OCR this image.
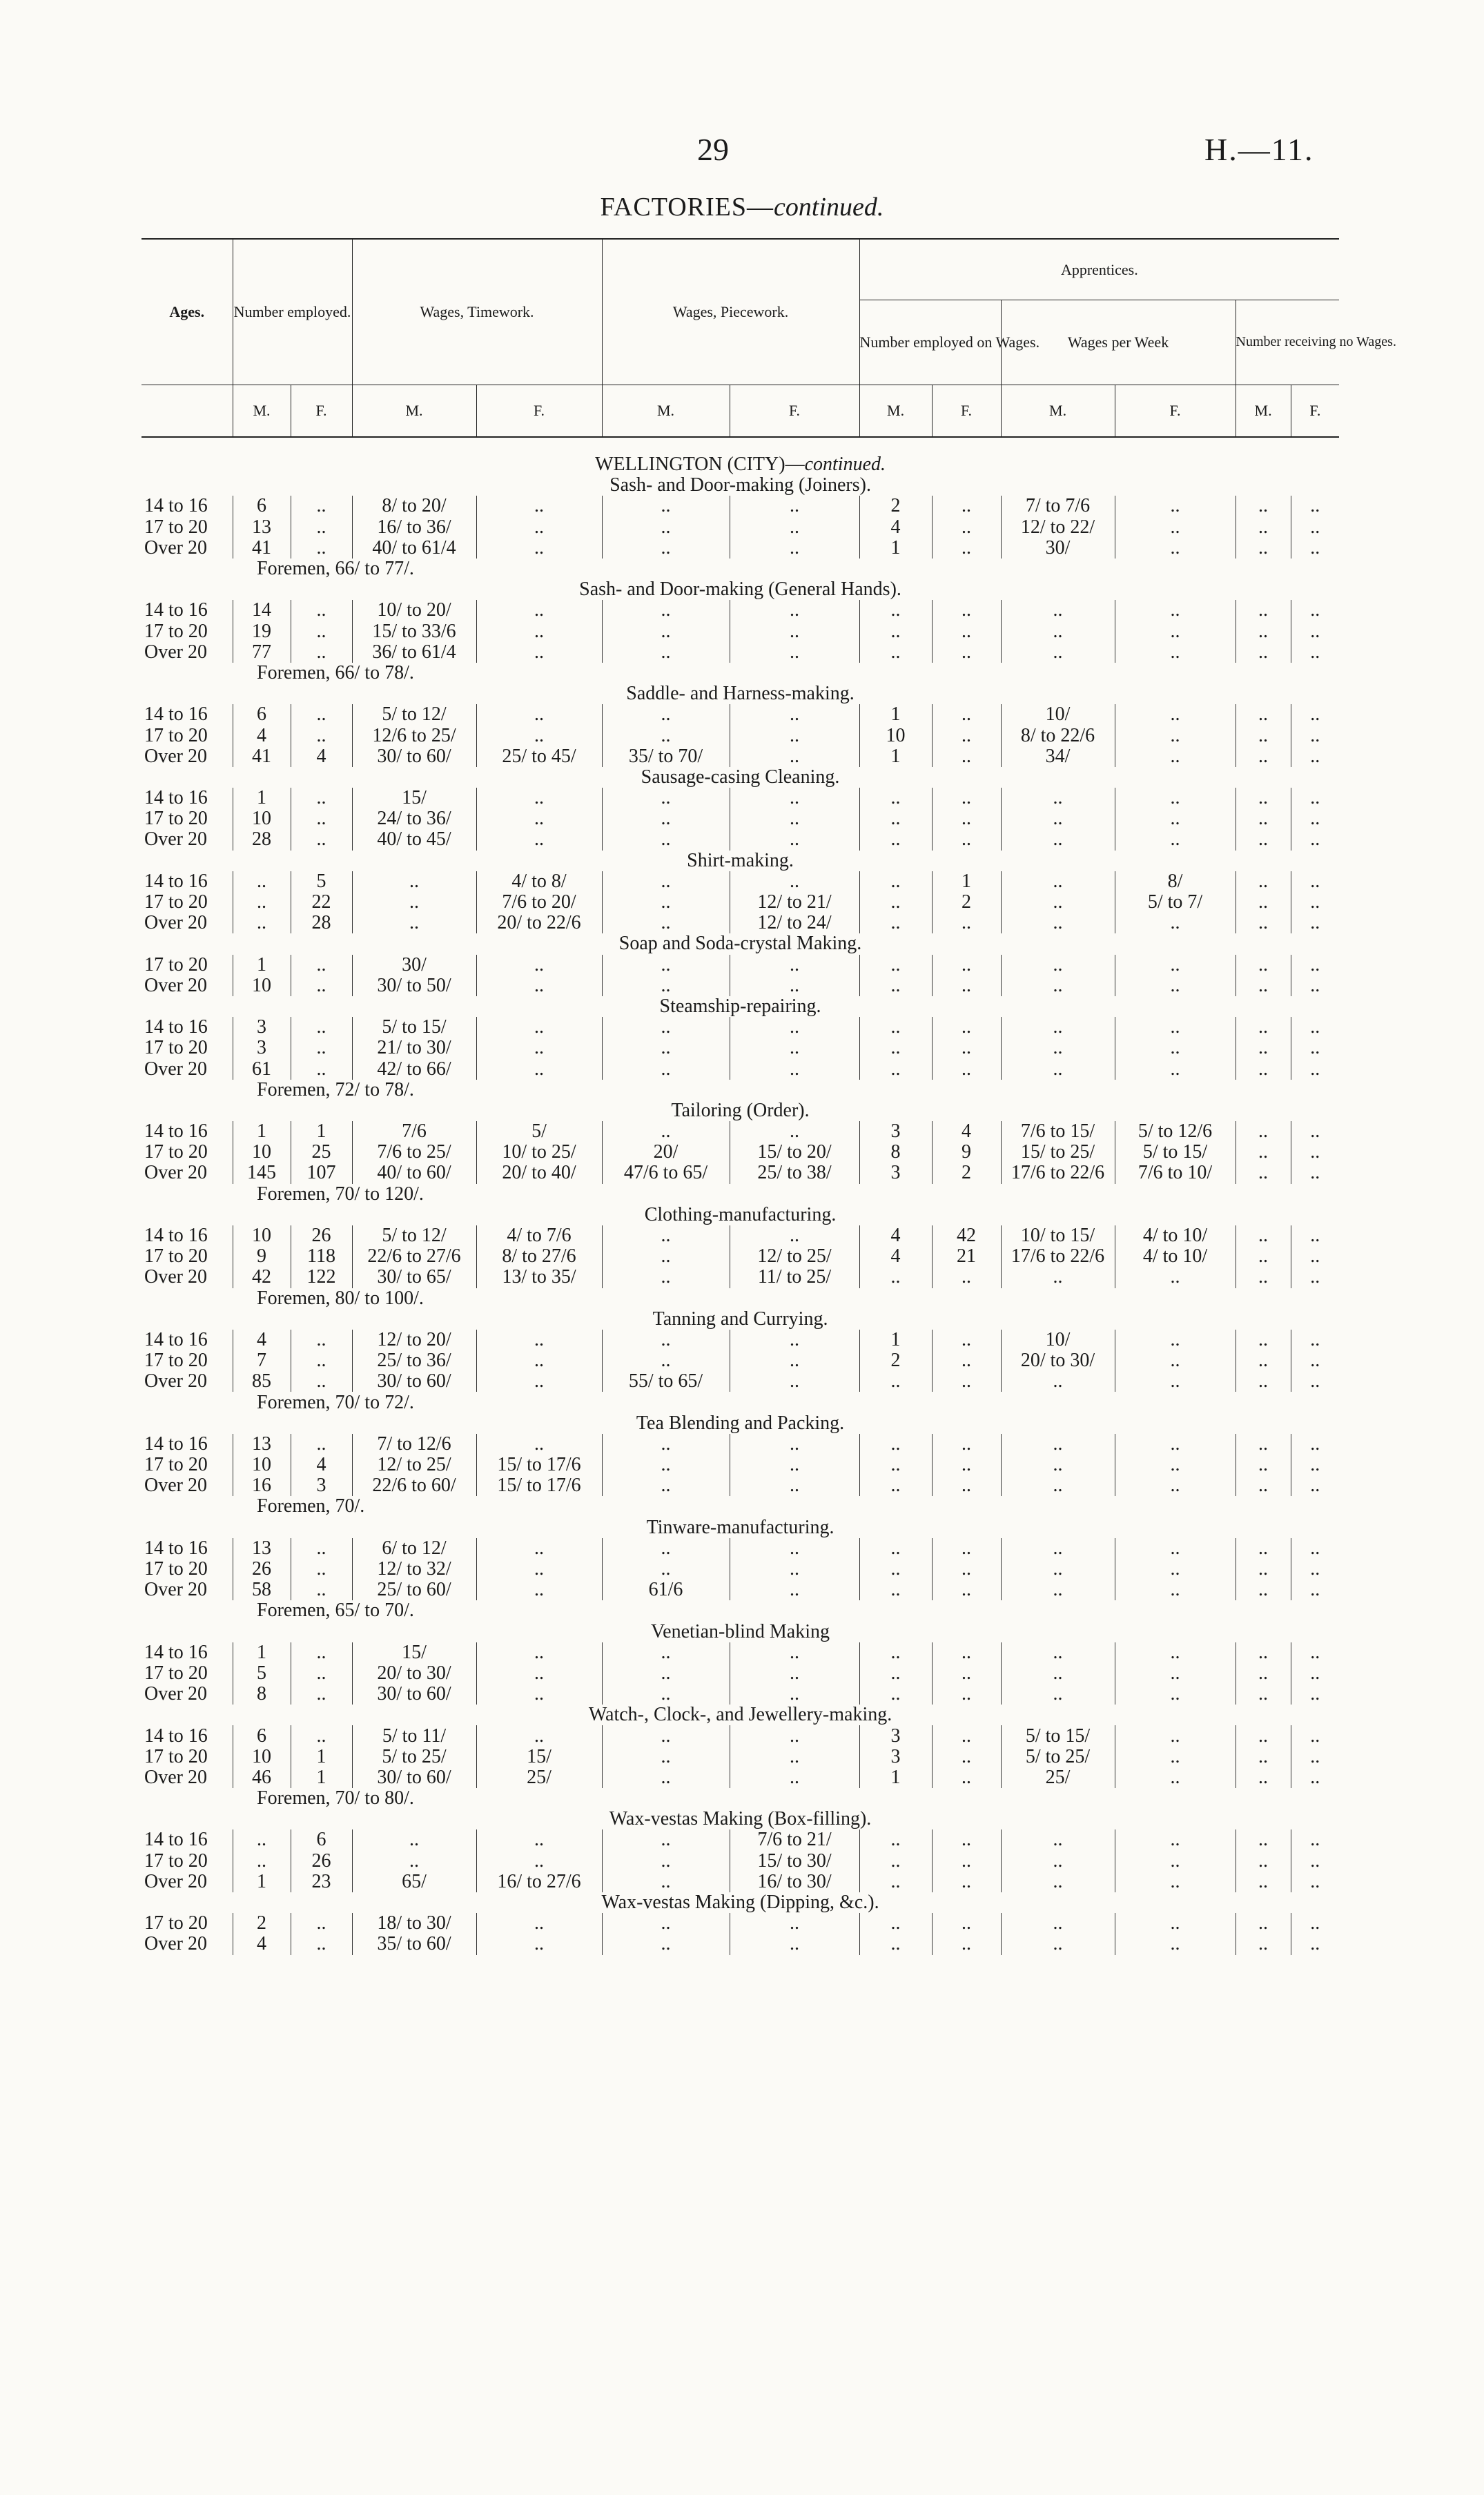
29	H.—11.
FACTORIES—continued.
Ages.	Number employed.		Wages, Timework.		Wages, Piecework.		Apprentices.					
							Number employed on Wages.		Wages per Week		Number receiving no Wages.	
	M.	F.	M.	F.	M.	F.	M.	F.	M.	F.	M.	F.
WELLINGTON (CITY)—continued.												
Sash- and Door-making (Joiners).												
14 to 16	6	..	8/ to 20/	..	..	..	2	..	7/ to 7/6	..	..	..
17 to 20	13	..	16/ to 36/	..	..	..	4	..	12/ to 22/	..	..	..
Over 20	41	..	40/ to 61/4	..	..	..	1	..	30/	..	..	..
	Foremen, 66/ to 77/.											
Sash- and Door-making (General Hands).												
14 to 16	14	..	10/ to 20/	..	..	..	..	..	..	..	..	..
17 to 20	19	..	15/ to 33/6	..	..	..	..	..	..	..	..	..
Over 20	77	..	36/ to 61/4	..	..	..	..	..	..	..	..	..
	Foremen, 66/ to 78/.											
Saddle- and Harness-making.												
14 to 16	6	..	5/ to 12/	..	..	..	1	..	10/	..	..	..
17 to 20	4	..	12/6 to 25/	..	..	..	10	..	8/ to 22/6	..	..	..
Over 20	41	4	30/ to 60/	25/ to 45/	35/ to 70/	..	1	..	34/	..	..	..
Sausage-casing Cleaning.												
14 to 16	1	..	15/	..	..	..	..	..	..	..	..	..
17 to 20	10	..	24/ to 36/	..	..	..	..	..	..	..	..	..
Over 20	28	..	40/ to 45/	..	..	..	..	..	..	..	..	..
Shirt-making.												
14 to 16	..	5	..	4/ to 8/	..	..	..	1	..	8/	..	..
17 to 20	..	22	..	7/6 to 20/	..	12/ to 21/	..	2	..	5/ to 7/	..	..
Over 20	..	28	..	20/ to 22/6	..	12/ to 24/	..	..	..	..	..	..
Soap and Soda-crystal Making.												
17 to 20	1	..	30/	..	..	..	..	..	..	..	..	..
Over 20	10	..	30/ to 50/	..	..	..	..	..	..	..	..	..
Steamship-repairing.												
14 to 16	3	..	5/ to 15/	..	..	..	..	..	..	..	..	..
17 to 20	3	..	21/ to 30/	..	..	..	..	..	..	..	..	..
Over 20	61	..	42/ to 66/	..	..	..	..	..	..	..	..	..
	Foremen, 72/ to 78/.											
Tailoring (Order).												
14 to 16	1	1	7/6	5/	..	..	3	4	7/6 to 15/	5/ to 12/6	..	..
17 to 20	10	25	7/6 to 25/	10/ to 25/	20/	15/ to 20/	8	9	15/ to 25/	5/ to 15/	..	..
Over 20	145	107	40/ to 60/	20/ to 40/	47/6 to 65/	25/ to 38/	3	2	17/6 to 22/6	7/6 to 10/	..	..
	Foremen, 70/ to 120/.											
Clothing-manufacturing.												
14 to 16	10	26	5/ to 12/	4/ to 7/6	..	..	4	42	10/ to 15/	4/ to 10/	..	..
17 to 20	9	118	22/6 to 27/6	8/ to 27/6	..	12/ to 25/	4	21	17/6 to 22/6	4/ to 10/	..	..
Over 20	42	122	30/ to 65/	13/ to 35/	..	11/ to 25/	..	..	..	..	..	..
	Foremen, 80/ to 100/.											
Tanning and Currying.												
14 to 16	4	..	12/ to 20/	..	..	..	1	..	10/	..	..	..
17 to 20	7	..	25/ to 36/	..	..	..	2	..	20/ to 30/	..	..	..
Over 20	85	..	30/ to 60/	..	55/ to 65/	..	..	..	..	..	..	..
	Foremen, 70/ to 72/.											
Tea Blending and Packing.												
14 to 16	13	..	7/ to 12/6	..	..	..	..	..	..	..	..	..
17 to 20	10	4	12/ to 25/	15/ to 17/6	..	..	..	..	..	..	..	..
Over 20	16	3	22/6 to 60/	15/ to 17/6	..	..	..	..	..	..	..	..
	Foremen, 70/.											
Tinware-manufacturing.												
14 to 16	13	..	6/ to 12/	..	..	..	..	..	..	..	..	..
17 to 20	26	..	12/ to 32/	..	..	..	..	..	..	..	..	..
Over 20	58	..	25/ to 60/	..	61/6	..	..	..	..	..	..	..
	Foremen, 65/ to 70/.											
Venetian-blind Making												
14 to 16	1	..	15/	..	..	..	..	..	..	..	..	..
17 to 20	5	..	20/ to 30/	..	..	..	..	..	..	..	..	..
Over 20	8	..	30/ to 60/	..	..	..	..	..	..	..	..	..
Watch-, Clock-, and Jewellery-making.												
14 to 16	6	..	5/ to 11/	..	..	..	3	..	5/ to 15/	..	..	..
17 to 20	10	1	5/ to 25/	15/	..	..	3	..	5/ to 25/	..	..	..
Over 20	46	1	30/ to 60/	25/	..	..	1	..	25/	..	..	..
	Foremen, 70/ to 80/.											
Wax-vestas Making (Box-filling).												
14 to 16	..	6	..	..	..	7/6 to 21/	..	..	..	..	..	..
17 to 20	..	26	..	..	..	15/ to 30/	..	..	..	..	..	..
Over 20	1	23	65/	16/ to 27/6	..	16/ to 30/	..	..	..	..	..	..
Wax-vestas Making (Dipping, &c.).												
17 to 20	2	..	18/ to 30/	..	..	..	..	..	..	..	..	..
Over 20	4	..	35/ to 60/	..	..	..	..	..	..	..	..	..
